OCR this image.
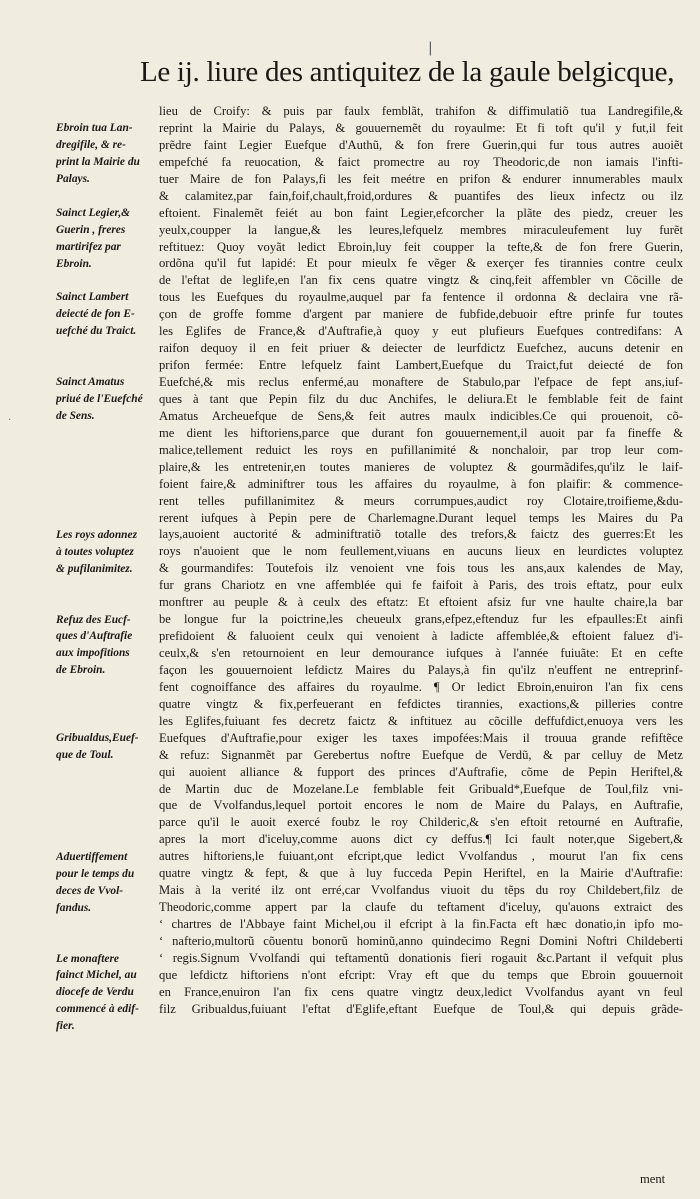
|
Le ij. liure des antiquitez de la gaule belgicque,
·
lieu de Croify: & puis par faulx femblãt, trahifon & diffimulatiõ tua Landregifile,&
reprint la Mairie du Palays, & gouuernemẽt du royaulme: Et fi toft qu'il y fut,il feit
prẽdre faint Legier Euefque d'Authũ, & fon frere Guerin,qui fur tous autres auoiẽt
empefché fa reuocation, & faict promectre au roy Theodoric,de non iamais l'infti-
tuer Maire de fon Palays,fi les feit meétre en prifon & endurer innumerables maulx
& calamitez,par fain,foif,chault,froid,ordures & puantifes des lieux infectz ou ilz
eftoient. Finalemẽt feiét au bon faint Legier,efcorcher la plãte des piedz, creuer les
yeulx,coupper la langue,& les leures,lefquelz membres miraculeufement luy furẽt
reftituez: Quoy voyãt ledict Ebroin,luy feit coupper la tefte,& de fon frere Guerin,
ordõna qu'il fut lapidé: Et pour mieulx fe vẽger & exerçer fes tirannies contre ceulx
de l'eftat de leglife,en l'an fix cens quatre vingtz & cinq,feit affembler vn Cõcille de
tous les Euefques du royaulme,auquel par fa fentence il ordonna & declaira vne rã-
çon de groffe fomme d'argent par maniere de fubfide,debuoir eftre prinfe fur toutes
les Eglifes de France,& d'Auftrafie,à quoy y eut plufieurs Euefques contredifans: A
raifon dequoy il en feit priuer & deiecter de leurfdictz Euefchez, aucuns detenir en
prifon fermée: Entre lefquelz faint Lambert,Euefque du Traict,fut deiecté de fon
Euefché,& mis reclus enfermé,au monaftere de Stabulo,par l'efpace de fept ans,iuf-
ques à tant que Pepin filz du duc Anchifes, le deliura.Et le femblable feit de faint
Amatus Archeuefque de Sens,& feit autres maulx indicibles.Ce qui prouenoit, cõ-
me dient les hiftoriens,parce que durant fon gouuernement,il auoit par fa fineffe &
malice,tellement reduict les roys en pufillanimité & nonchaloir, par trop leur com-
plaire,& les entretenir,en toutes manieres de voluptez & gourmãdifes,qu'ilz le laif-
foient faire,& adminiftrer tous les affaires du royaulme, à fon plaifir: & commence-
rent telles pufillanimitez & meurs corrumpues,audict roy Clotaire,troifieme,&du-
rerent iufques à Pepin pere de Charlemagne.Durant lequel temps les Maires du Pa
lays,auoient auctorité & adminiftratiõ totalle des trefors,& faictz des guerres:Et les
roys n'auoient que le nom feullement,viuans en aucuns lieux en leurdictes voluptez
& gourmandifes: Toutefois ilz venoient vne fois tous les ans,aux kalendes de May,
fur grans Chariotz en vne affemblée qui fe faifoit à Paris, des trois eftatz, pour eulx
monftrer au peuple & à ceulx des eftatz: Et eftoient afsiz fur vne haulte chaire,la bar
be longue fur la poictrine,les cheueulx grans,efpez,eftenduz fur les efpaulles:Et ainfi
prefidoient & faluoient ceulx qui venoient à ladicte affemblée,& eftoient faluez d'i-
ceulx,& s'en retournoient en leur demourance iufques à l'année fuiuãte: Et en cefte
façon les gouuernoient lefdictz Maires du Palays,à fin qu'ilz n'euffent ne entreprinf-
fent cognoiffance des affaires du royaulme. ¶ Or ledict Ebroin,enuiron l'an fix cens
quatre vingtz & fix,perfeuerant en fefdictes tirannies, exactions,& pilleries contre
les Eglifes,fuiuant fes decretz faictz & inftituez au cõcille deffufdict,enuoya vers les
Euefques d'Auftrafie,pour exiger les taxes impofées:Mais il trouua grande refiftẽce
& refuz: Signanmẽt par Gerebertus noftre Euefque de Verdũ, & par celluy de Metz
qui auoient alliance & fupport des princes d'Auftrafie, cõme de Pepin Heriftel,&
de Martin duc de Mozelane.Le femblable feit Gribuald*,Euefque de Toul,filz vni-
que de Vvolfandus,lequel portoit encores le nom de Maire du Palays, en Auftrafie,
parce qu'il le auoit exercé foubz le roy Childeric,& s'en eftoit retourné en Auftrafie,
apres la mort d'iceluy,comme auons dict cy deffus.¶ Ici fault noter,que Sigebert,&
autres hiftoriens,le fuiuant,ont efcript,que ledict Vvolfandus , mourut l'an fix cens
quatre vingtz & fept, & que à luy fucceda Pepin Heriftel, en la Mairie d'Auftrafie:
Mais à la verité ilz ont erré,car Vvolfandus viuoit du tẽps du roy Childebert,filz de
Theodoric,comme appert par la claufe du teftament d'iceluy, qu'auons extraict des
‘ chartres de l'Abbaye faint Michel,ou il efcript à la fin.Facta eft hæc donatio,in ipfo mo-
‘ nafterio,multorũ cõuentu bonorũ hominũ,anno quindecimo Regni Domini Noftri Childeberti
‘ regis.Signum Vvolfandi qui teftamentũ donationis fieri rogauit &c.Partant il vefquit plus
que lefdictz hiftoriens n'ont efcript: Vray eft que du temps que Ebroin gouuernoit
en France,enuiron l'an fix cens quatre vingtz deux,ledict Vvolfandus ayant vn feul
filz Gribualdus,fuiuant l'eftat d'Eglife,eftant Euefque de Toul,& qui depuis grãde-
Ebroin tua Lan-
dregifile, & re-
print la Mairie du
Palays.
Sainct Legier,&
Guerin , freres
martirifez par
Ebroin.
Sainct Lambert
deiecté de fon E-
uefché du Traict.
Sainct Amatus
priué de l'Euefché
de Sens.
Les roys adonnez
à toutes voluptez
& pufilanimitez.
Refuz des Eucf-
ques d'Auftrafie
aux impofitions
de Ebroin.
Gribualdus,Euef-
que de Toul.
Aduertiffement
pour le temps du
deces de Vvol-
fandus.
Le monaftere
fainct Michel, au
diocefe de Verdu
commencé à edif-
fier.
ment
